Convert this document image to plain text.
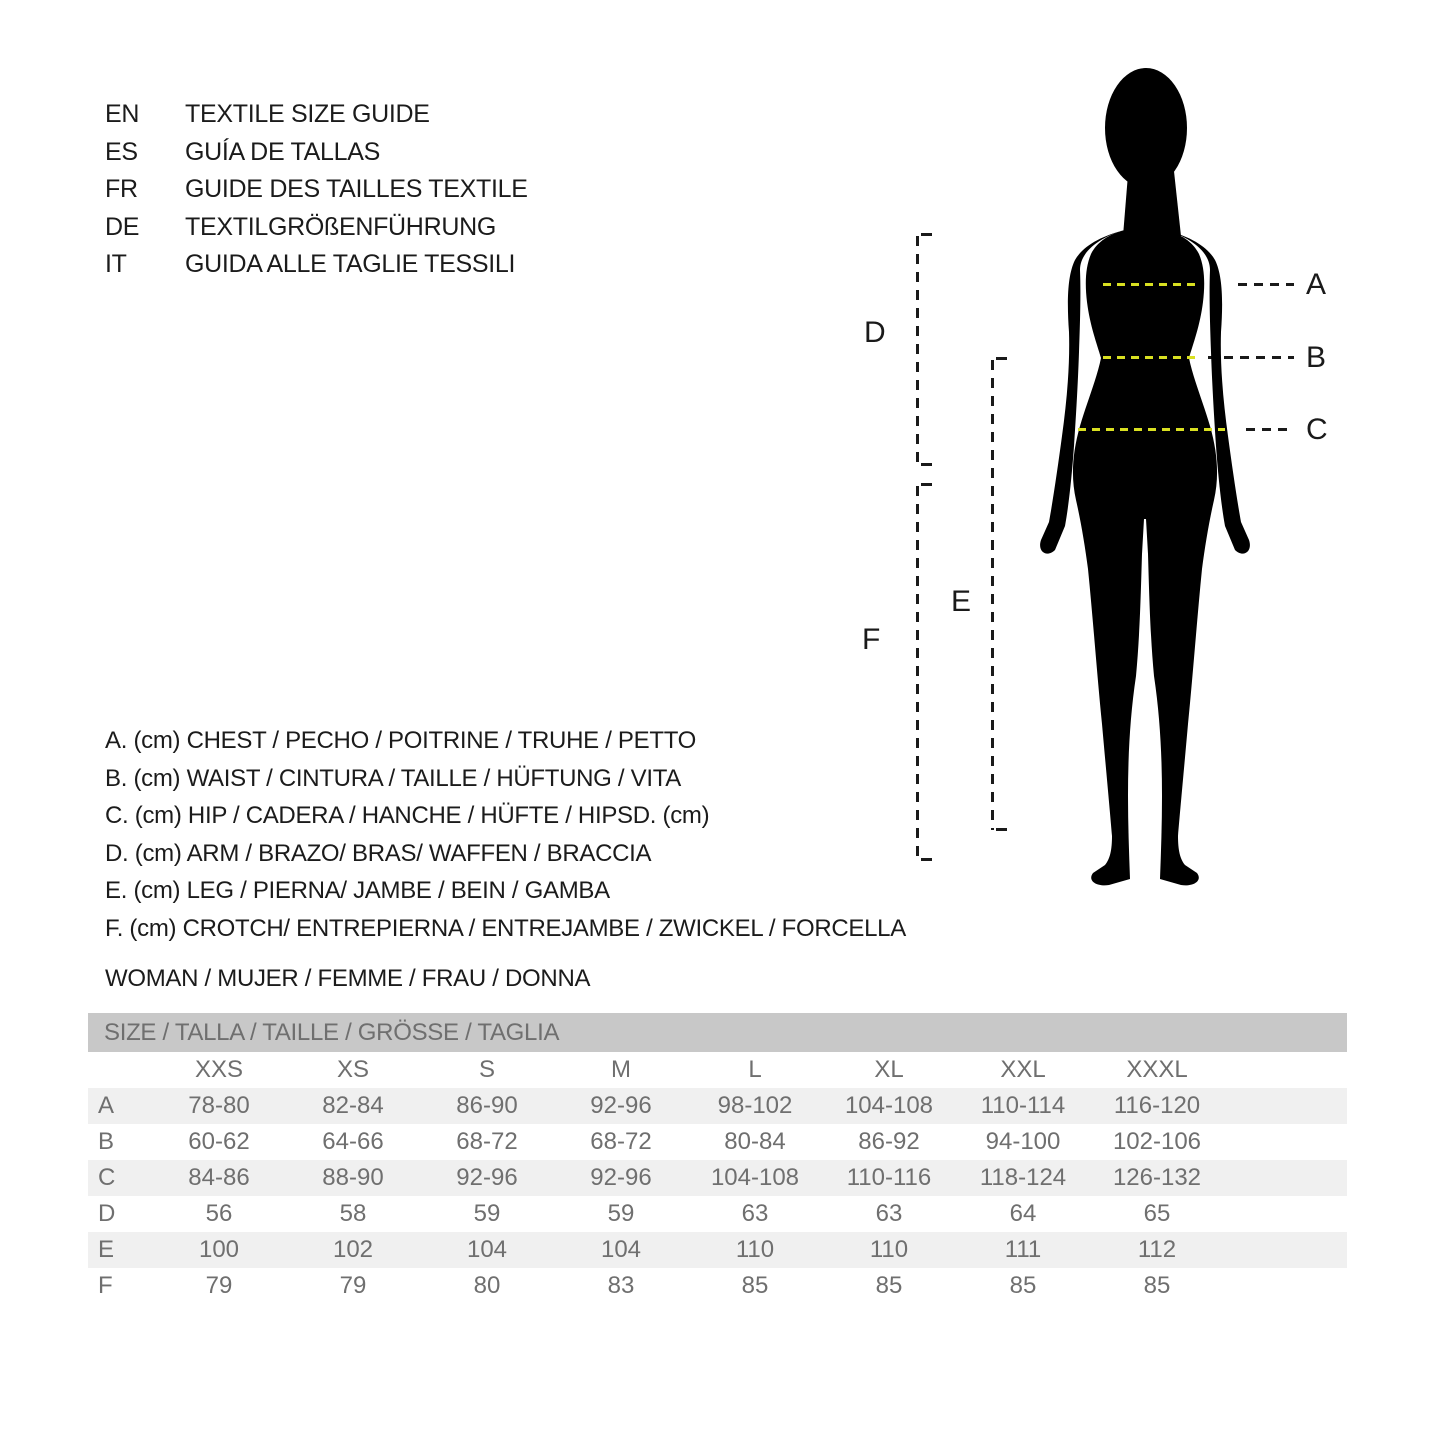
EN	TEXTILE SIZE GUIDE
ES	GUÍA DE TALLAS
FR	GUIDE DES TAILLES TEXTILE
DE	TEXTILGRÖßENFÜHRUNG
IT	GUIDA ALLE TAGLIE TESSILI
A. (cm) CHEST / PECHO / POITRINE / TRUHE / PETTO
B. (cm) WAIST / CINTURA / TAILLE / HÜFTUNG / VITA
C. (cm) HIP / CADERA / HANCHE / HÜFTE / HIPSD. (cm)
D. (cm) ARM / BRAZO/ BRAS/ WAFFEN / BRACCIA
E. (cm) LEG / PIERNA/ JAMBE / BEIN / GAMBA
F. (cm) CROTCH/ ENTREPIERNA / ENTREJAMBE / ZWICKEL / FORCELLA
WOMAN / MUJER / FEMME / FRAU / DONNA
SIZE / TALLA / TAILLE / GRÖSSE / TAGLIA
XXS	XS	S	M	L	XL	XXL	XXXL
A	78-80	82-84	86-90	92-96	98-102	104-108	110-114	116-120
B	60-62	64-66	68-72	68-72	80-84	86-92	94-100	102-106
C	84-86	88-90	92-96	92-96	104-108	110-116	118-124	126-132
D	56	58	59	59	63	63	64	65
E	100	102	104	104	110	110	111	112
F	79	79	80	83	85	85	85	85
A
B
C
D
E
F
